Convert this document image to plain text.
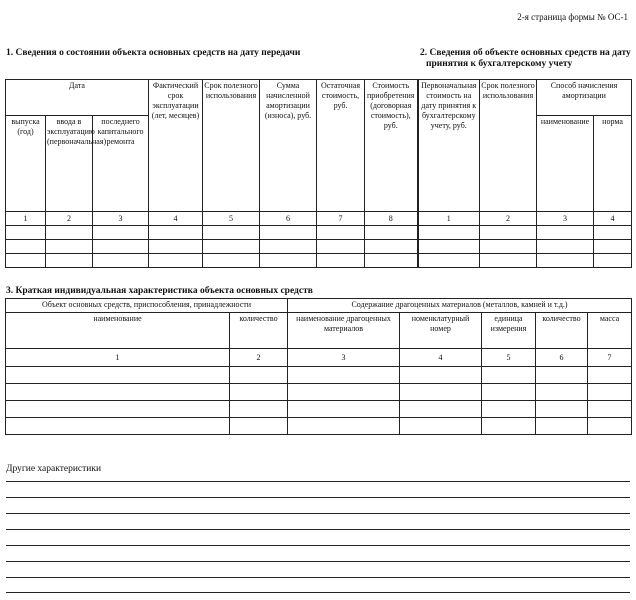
2-я страница формы № ОС-1
1. Сведения о состоянии объекта основных средств на дату передачи	2. Сведения об объекте основных средств на дату
принятия к бухгалтерскому учету
Дата			Фактический срок эксплуатации (лет, месяцев)	Срок полезного использования	Сумма начисленной амортизации (износа), руб.	Остаточная стоимость, руб.	Стоимость приобретения (договорная стоимость), руб.	Первоначальная стоимость на дату принятия к бухгалтерскому учету, руб.	Срок полезного использования	Способ начисления амортизации	
выпуска (год)	ввода в эксплуатацию (первоначальная)	последнего капитального ремонта								наименование	норма
1	2	3	4	5	6	7	8	1	2	3	4

3. Краткая индивидуальная характеристика объекта основных средств
Объект основных средств, приспособления, принадлежности		Содержание драгоценных материалов (металлов, камней и т.д.)				
наименование	количество	наименование драгоценных материалов	номенклатурный номер	единица измерения	количество	масса
1	2	3	4	5	6	7

Другие характеристики
